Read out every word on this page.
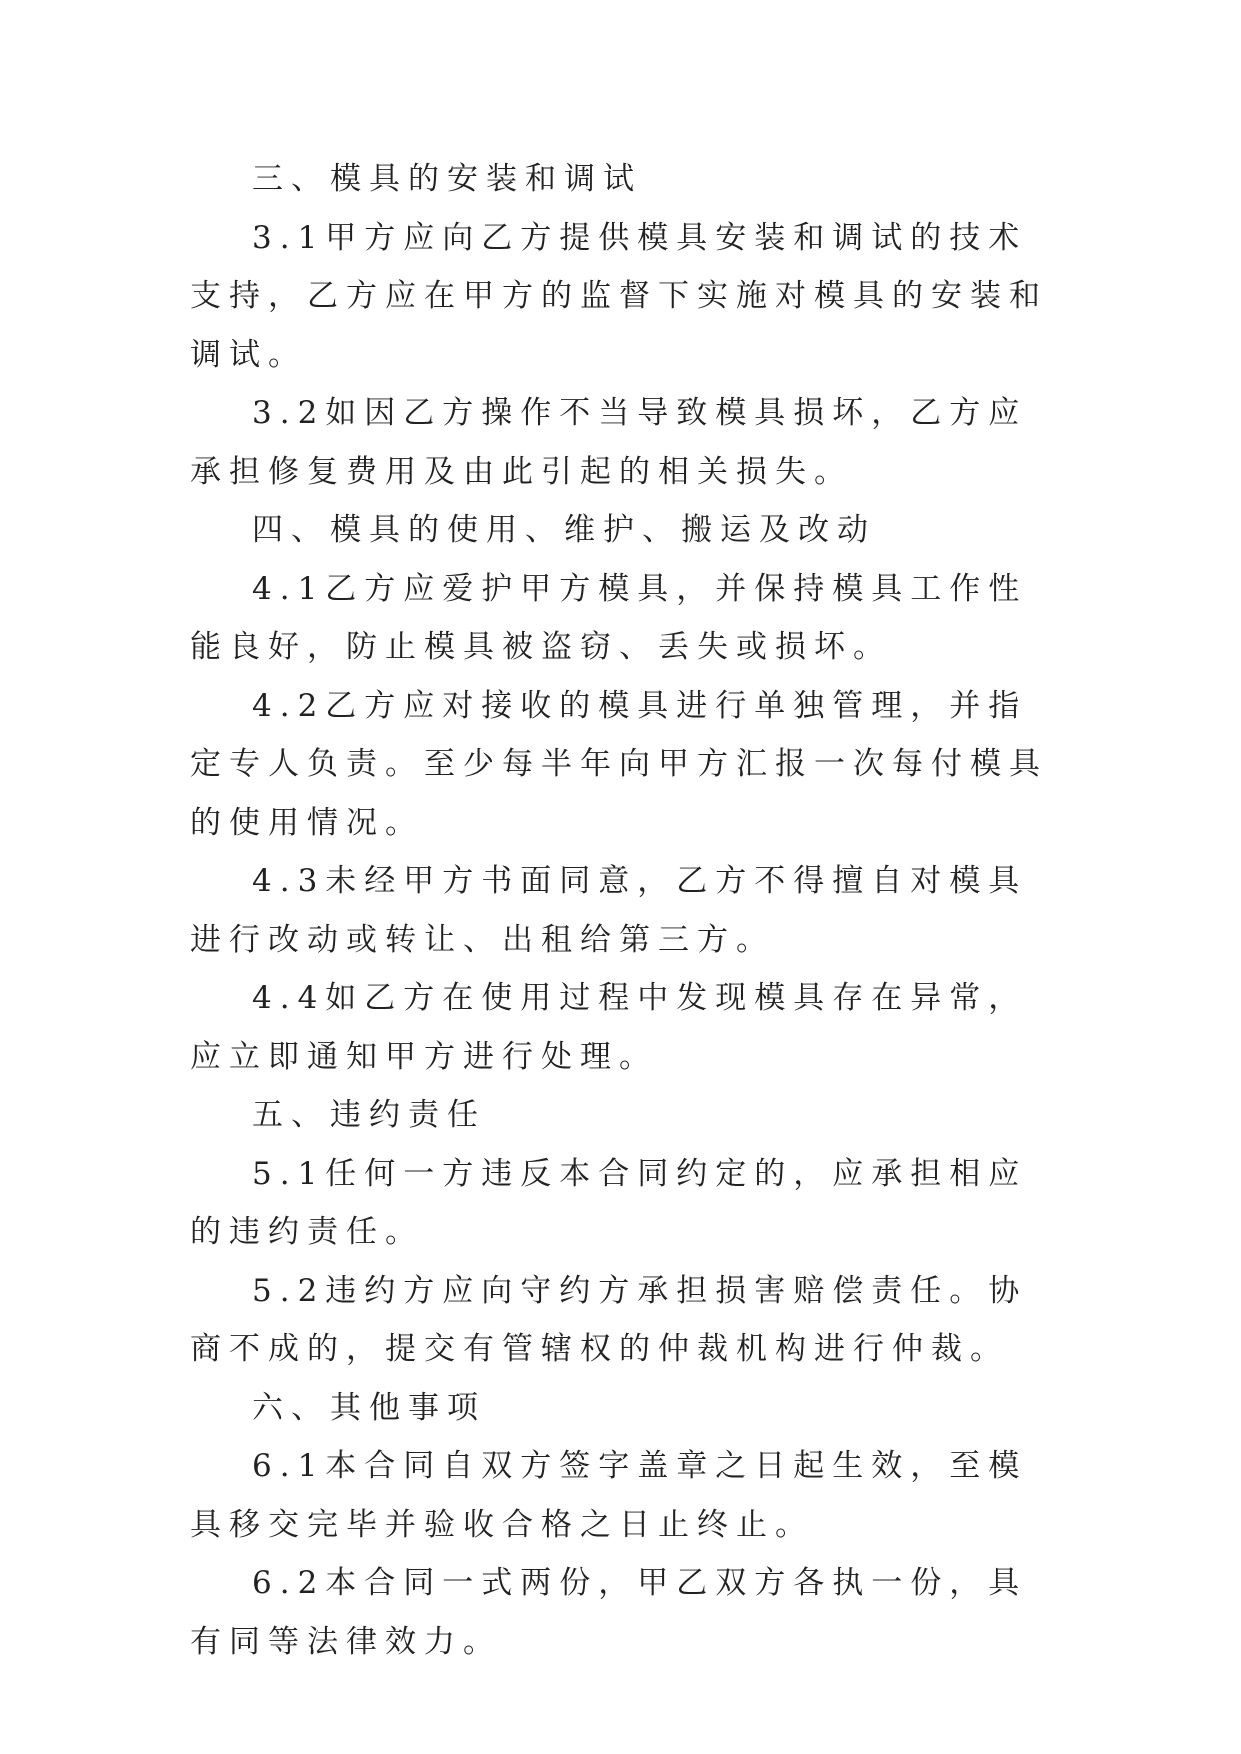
三、模具的安装和调试

3.1甲方应向乙方提供模具安装和调试的技术支持，乙方应在甲方的监督下实施对模具的安装和调试。

3.2如因乙方操作不当导致模具损坏，乙方应承担修复费用及由此引起的相关损失。

四、模具的使用、维护、搬运及改动

4.1乙方应爱护甲方模具，并保持模具工作性能良好，防止模具被盗窃、丢失或损坏。

4.2乙方应对接收的模具进行单独管理，并指定专人负责。至少每半年向甲方汇报一次每付模具的使用情况。

4.3未经甲方书面同意，乙方不得擅自对模具进行改动或转让、出租给第三方。

4.4如乙方在使用过程中发现模具存在异常，应立即通知甲方进行处理。

五、违约责任

5.1任何一方违反本合同约定的，应承担相应的违约责任。

5.2违约方应向守约方承担损害赔偿责任。协商不成的，提交有管辖权的仲裁机构进行仲裁。

六、其他事项

6.1本合同自双方签字盖章之日起生效，至模具移交完毕并验收合格之日止终止。

6.2本合同一式两份，甲乙双方各执一份，具有同等法律效力。
